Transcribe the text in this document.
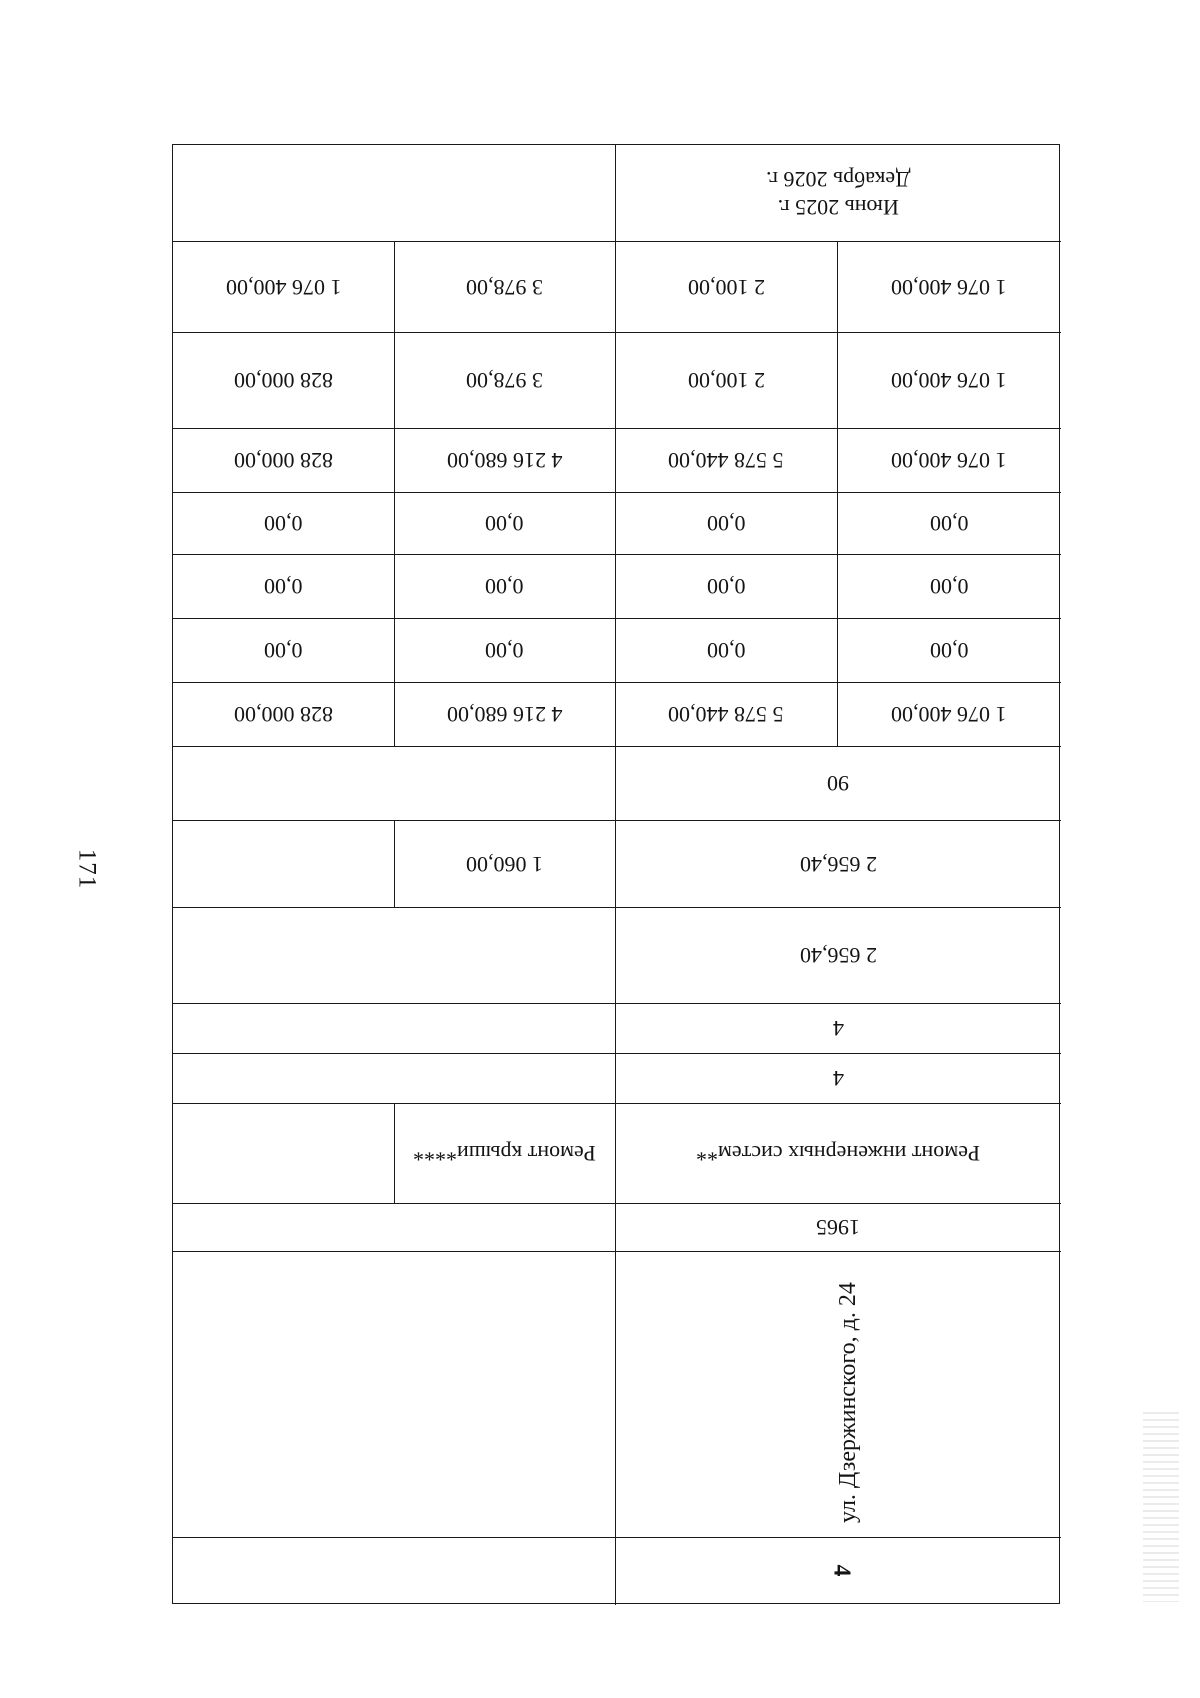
171
Июнь 2025 г.
Декабрь 2026 г.
1 076 400,00	3 978,00	2 100,00	1 076 400,00
828 000,00	3 978,00	2 100,00	1 076 400,00
828 000,00	4 216 680,00	5 578 440,00	1 076 400,00
0,00	0,00	0,00	0,00
0,00	0,00	0,00	0,00
0,00	0,00	0,00	0,00
828 000,00	4 216 680,00	5 578 440,00	1 076 400,00
90
1 060,00	2 656,40
2 656,40
4
4
Ремонт крыши****	Ремонт инженерных систем**
1965
ул. Дзержинского, д. 24
4
